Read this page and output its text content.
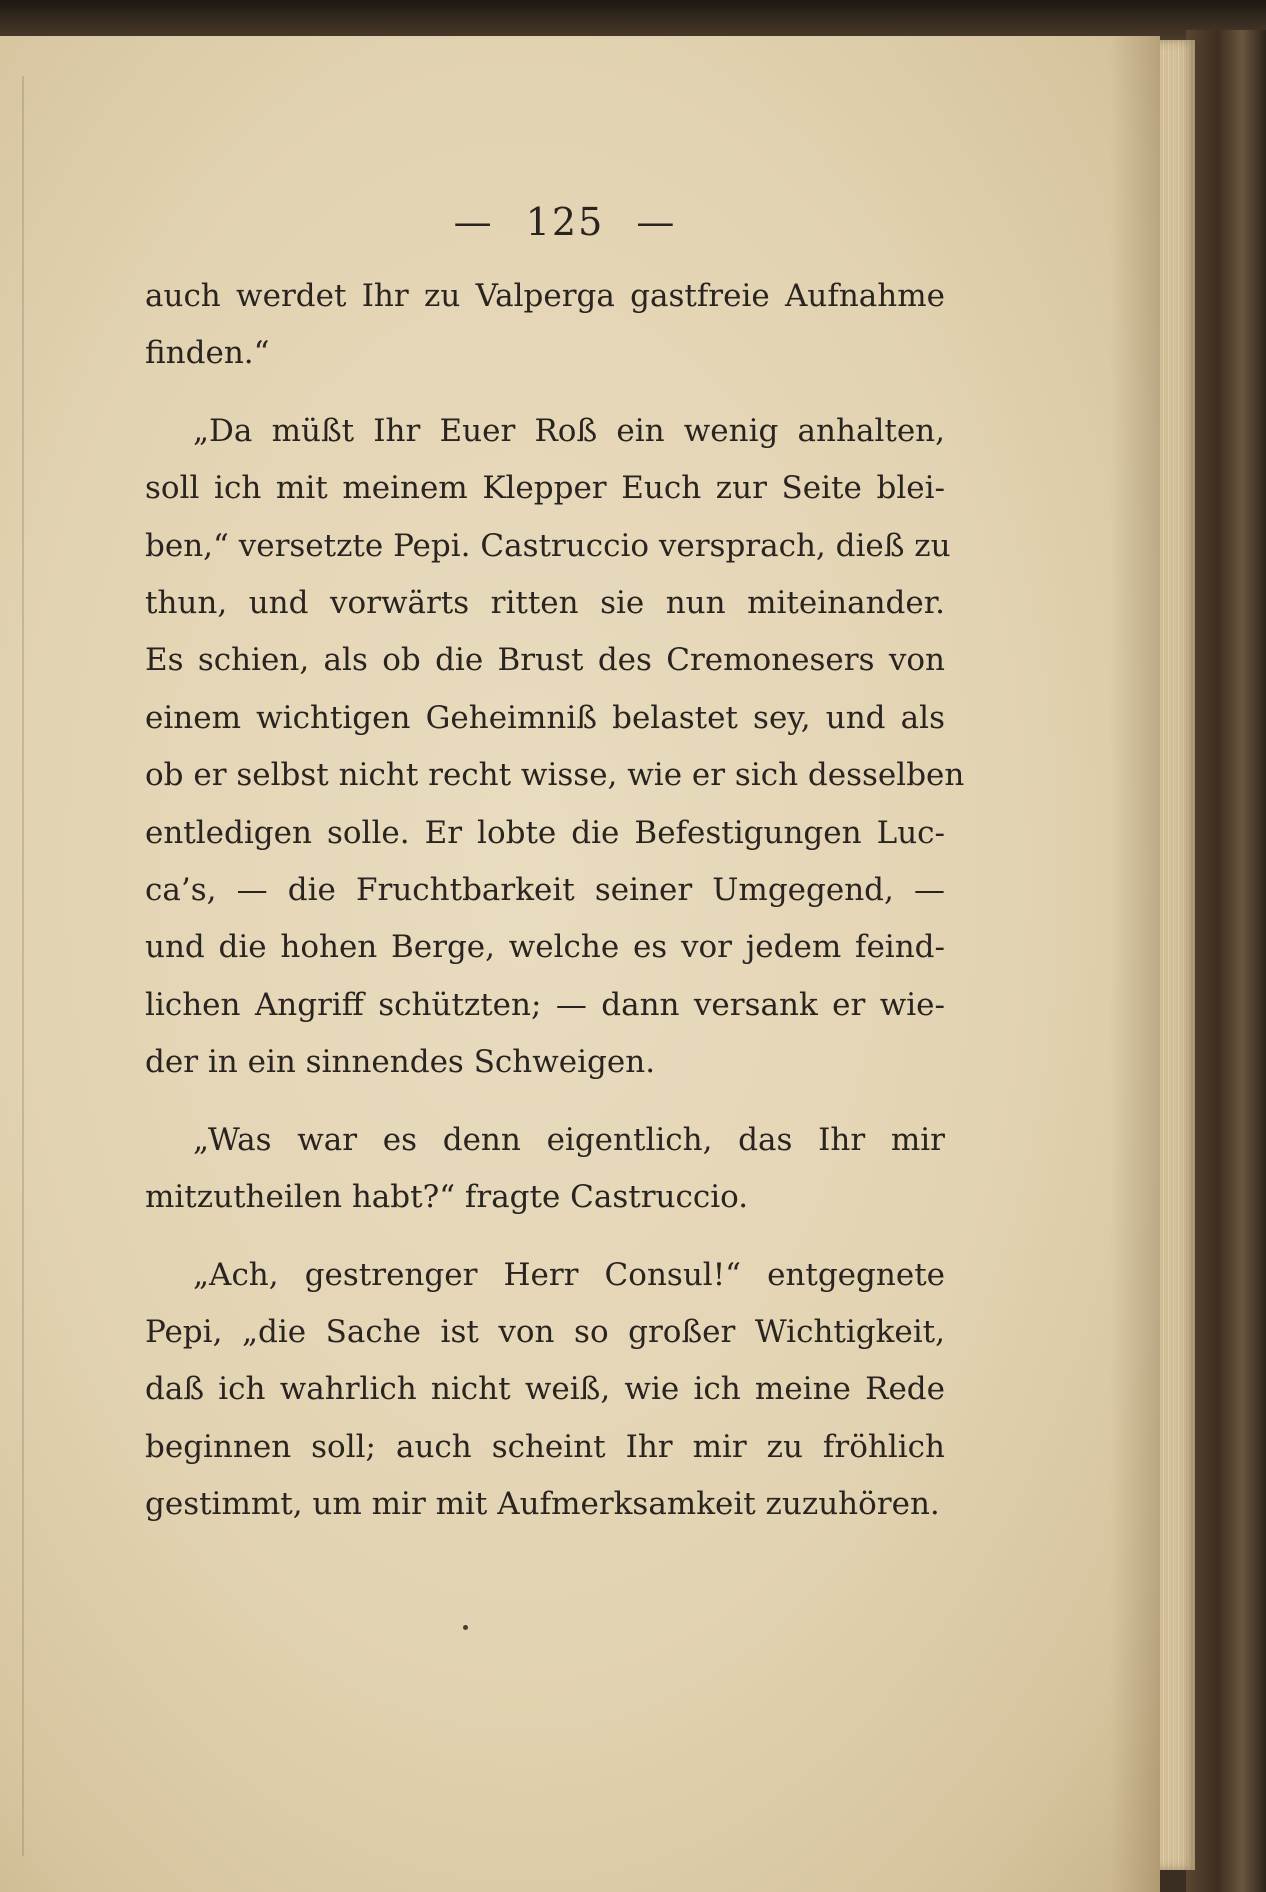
— 125 —
auch werdet Ihr zu Valperga gastfreie Aufnahme
finden.“
„Da müßt Ihr Euer Roß ein wenig anhalten,
soll ich mit meinem Klepper Euch zur Seite blei-
ben,“ versetzte Pepi. Castruccio versprach, dieß zu
thun, und vorwärts ritten sie nun miteinander.
Es schien, als ob die Brust des Cremonesers von
einem wichtigen Geheimniß belastet sey, und als
ob er selbst nicht recht wisse, wie er sich desselben
entledigen solle. Er lobte die Befestigungen Luc-
ca’s, — die Fruchtbarkeit seiner Umgegend, —
und die hohen Berge, welche es vor jedem feind-
lichen Angriff schützten; — dann versank er wie-
der in ein sinnendes Schweigen.
„Was war es denn eigentlich, das Ihr mir
mitzutheilen habt?“ fragte Castruccio.
„Ach, gestrenger Herr Consul!“ entgegnete
Pepi, „die Sache ist von so großer Wichtigkeit,
daß ich wahrlich nicht weiß, wie ich meine Rede
beginnen soll; auch scheint Ihr mir zu fröhlich
gestimmt, um mir mit Aufmerksamkeit zuzuhören.
